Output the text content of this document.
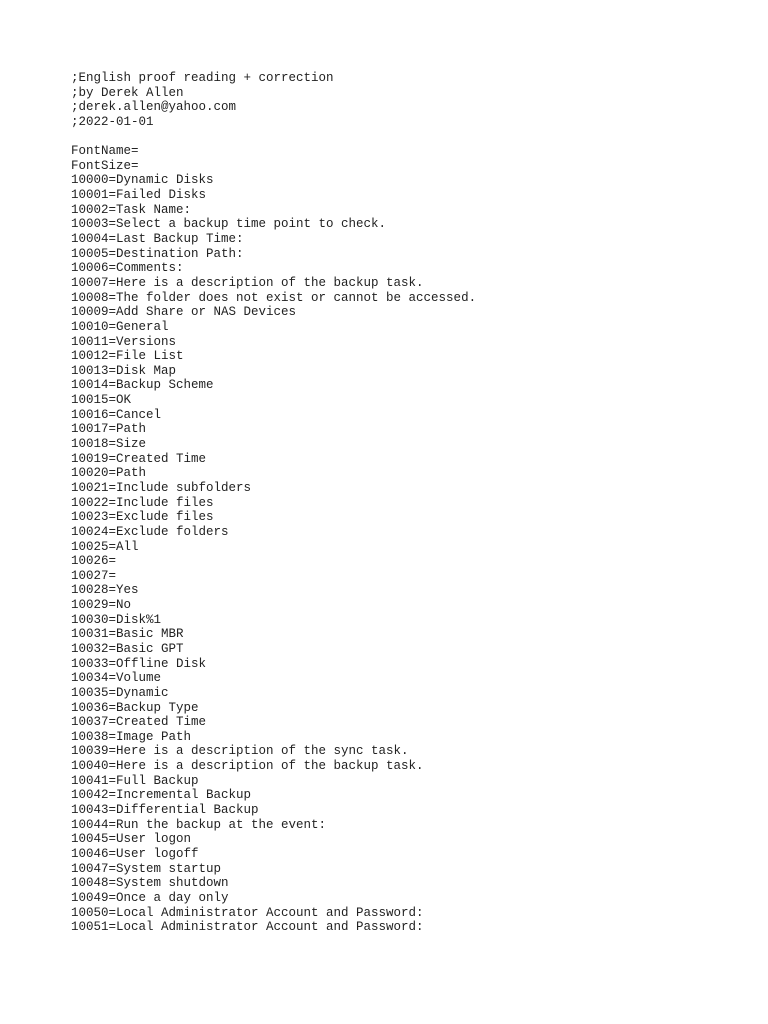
;English proof reading + correction
;by Derek Allen
;derek.allen@yahoo.com
;2022-01-01
FontName=
FontSize=
10000=Dynamic Disks
10001=Failed Disks
10002=Task Name:
10003=Select a backup time point to check.
10004=Last Backup Time:
10005=Destination Path:
10006=Comments:
10007=Here is a description of the backup task.
10008=The folder does not exist or cannot be accessed.
10009=Add Share or NAS Devices
10010=General
10011=Versions
10012=File List
10013=Disk Map
10014=Backup Scheme
10015=OK
10016=Cancel
10017=Path
10018=Size
10019=Created Time
10020=Path
10021=Include subfolders
10022=Include files
10023=Exclude files
10024=Exclude folders
10025=All
10026=
10027=
10028=Yes
10029=No
10030=Disk%1
10031=Basic MBR
10032=Basic GPT
10033=Offline Disk
10034=Volume
10035=Dynamic
10036=Backup Type
10037=Created Time
10038=Image Path
10039=Here is a description of the sync task.
10040=Here is a description of the backup task.
10041=Full Backup
10042=Incremental Backup
10043=Differential Backup
10044=Run the backup at the event:
10045=User logon
10046=User logoff
10047=System startup
10048=System shutdown
10049=Once a day only
10050=Local Administrator Account and Password:
10051=Local Administrator Account and Password:
